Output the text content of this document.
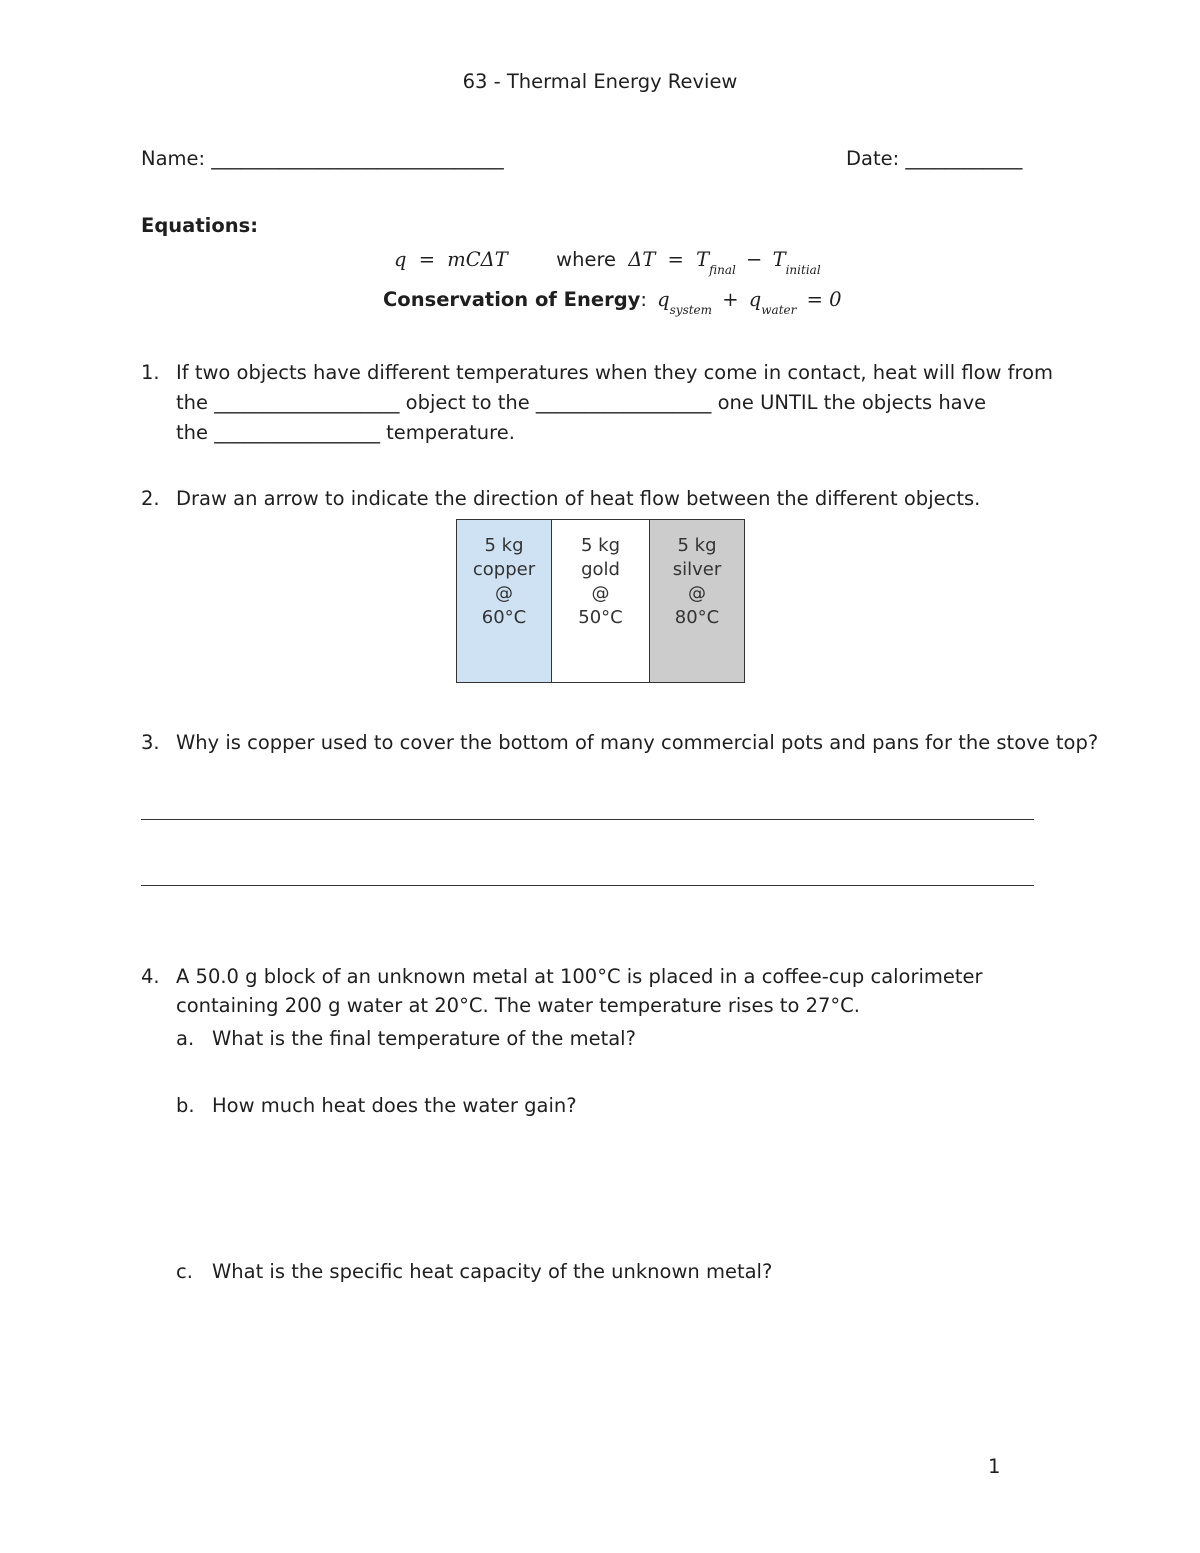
63 - Thermal Energy Review
Name: ______________________________	Date: ____________
Equations:
q = mCΔT where $\Delta T = T_{final} - T_{initial}$
Conservation of Energy: $q_{system} + q_{water} = 0$
1. If two objects have different temperatures when they come in contact, heat will flow from
the ___________________ object to the __________________ one UNTIL the objects have
the _________________ temperature.
2. Draw an arrow to indicate the direction of heat flow between the different objects.
5 kg
copper
@
60°C

5 kg
gold
@
50°C

5 kg
silver
@
80°C
3. Why is copper used to cover the bottom of many commercial pots and pans for the stove top?
4. A 50.0 g block of an unknown metal at 100°C is placed in a coffee-cup calorimeter
containing 200 g water at 20°C. The water temperature rises to 27°C.
a. What is the final temperature of the metal?
b. How much heat does the water gain?
c. What is the specific heat capacity of the unknown metal?
1
